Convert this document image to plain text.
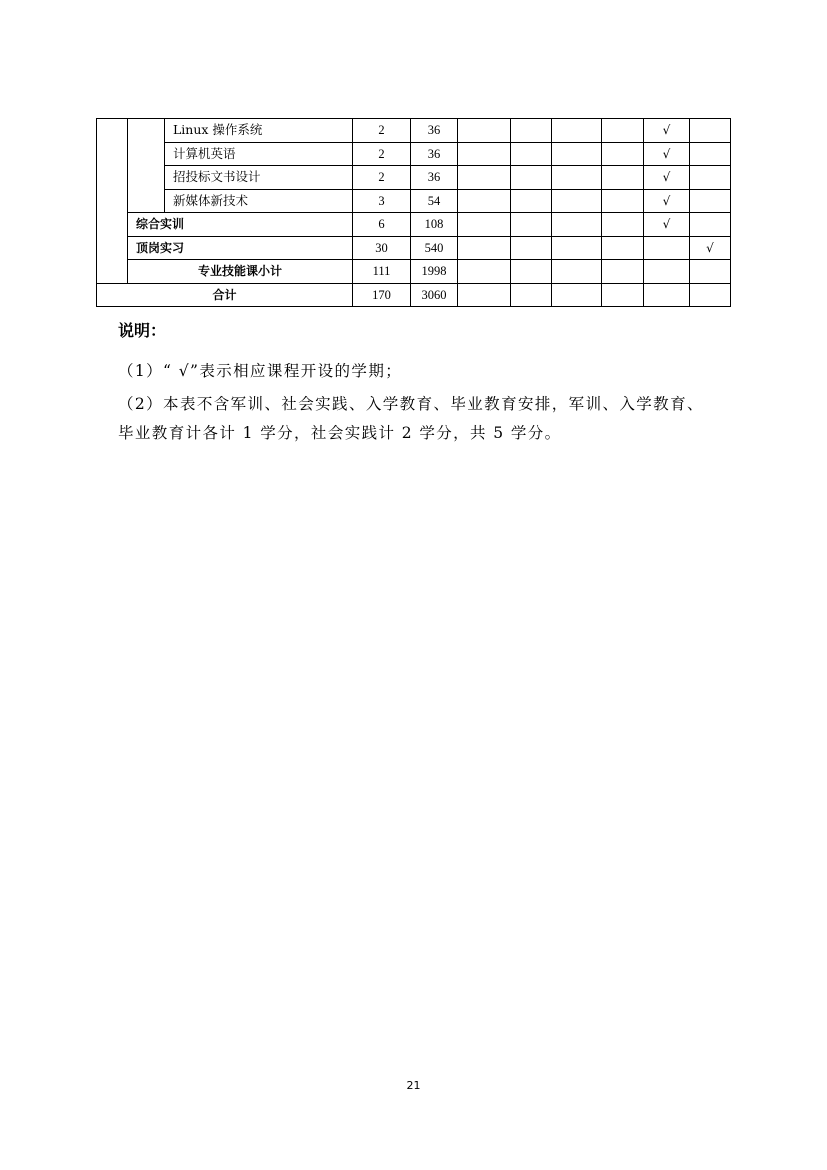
		Linux 操作系统	2	36					√	
		计算机英语	2	36					√	
		招投标文书设计	2	36					√	
		新媒体新技术	3	54					√	
	综合实训		6	108					√	
	顶岗实习		30	540						√
	专业技能课小计		111	1998						
合计			170	3060						

说明：

（1）“ √”表示相应课程开设的学期；

（2）本表不含军训、社会实践、入学教育、毕业教育安排，军训、入学教育、毕业教育计各计 1 学分，社会实践计 2 学分，共 5 学分。

21
